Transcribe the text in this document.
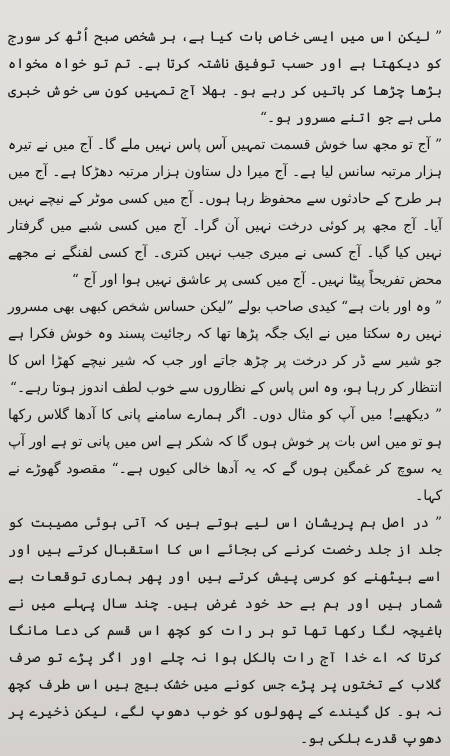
” لیکن اس میں ایسی خاص بات کیا ہے، ہر شخص صبح اُٹھ کر سورج کو دیکھتا ہے اور حسب توفیق ناشتہ کرتا ہے۔ تم تو خواہ مخواہ بڑھا چڑھا کر باتیں کر رہے ہو۔ بھلا آج تمہیں کون سی خوش خبری ملی ہے جو اتنے مسرور ہو۔“

” آج تو مجھ سا خوش قسمت تمہیں آس پاس نہیں ملے گا۔ آج میں نے تیرہ ہزار مرتبہ سانس لیا ہے۔ آج میرا دل ستاون ہزار مرتبہ دھڑکا ہے۔ آج میں ہر طرح کے حادثوں سے محفوظ رہا ہوں۔ آج میں کسی موٹر کے نیچے نہیں آیا۔ آج مجھ پر کوئی درخت نہیں آن گرا۔ آج میں کسی شبے میں گرفتار نہیں کیا گیا۔ آج کسی نے میری جیب نہیں کتری۔ آج کسی لفنگے نے مجھے محض تفریحاً پیٹا نہیں۔ آج میں کسی پر عاشق نہیں ہوا اور آج “

” وہ اور بات ہے“ کیدی صاحب بولے ”لیکن حساس شخص کبھی بھی مسرور نہیں رہ سکتا میں نے ایک جگہ پڑھا تھا کہ رجائیت پسند وہ خوش فکرا ہے جو شیر سے ڈر کر درخت پر چڑھ جاتے اور جب کہ شیر نیچے کھڑا اس کا انتظار کر رہا ہو، وہ اس پاس کے نظاروں سے خوب لطف اندوز ہوتا رہے۔“

” دیکھیے! میں آپ کو مثال دوں۔ اگر ہمارے سامنے پانی کا آدھا گلاس رکھا ہو تو میں اس بات پر خوش ہوں گا کہ شکر ہے اس میں پانی تو ہے اور آپ یہ سوچ کر غمگین ہوں گے کہ یہ آدھا خالی کیوں ہے۔“ مقصود گھوڑے نے کہا۔

” در اصل ہم پریشان اس لیے ہوتے ہیں کہ آتی ہوئی مصیبت کو جلد از جلد رخصت کرنے کی بجائے اس کا استقبال کرتے ہیں اور اسے بیٹھنے کو کرسی پیش کرتے ہیں اور پھر ہماری توقعات بے شمار ہیں اور ہم بے حد خود غرض ہیں۔ چند سال پہلے میں نے باغیچہ لگا رکھا تھا تو ہر رات کو کچھ اس قسم کی دعا مانگا کرتا کہ اے خدا آج رات بالکل ہوا نہ چلے اور اگر پڑے تو صرف گلاب کے تختوں پر پڑے جس کونے میں خشک بیج ہیں اس طرف کچھ نہ ہو۔ کل گیندے کے پھولوں کو خوب دھوپ لگے، لیکن ذخیرے پر دھوپ قدرے ہلکی ہو۔
